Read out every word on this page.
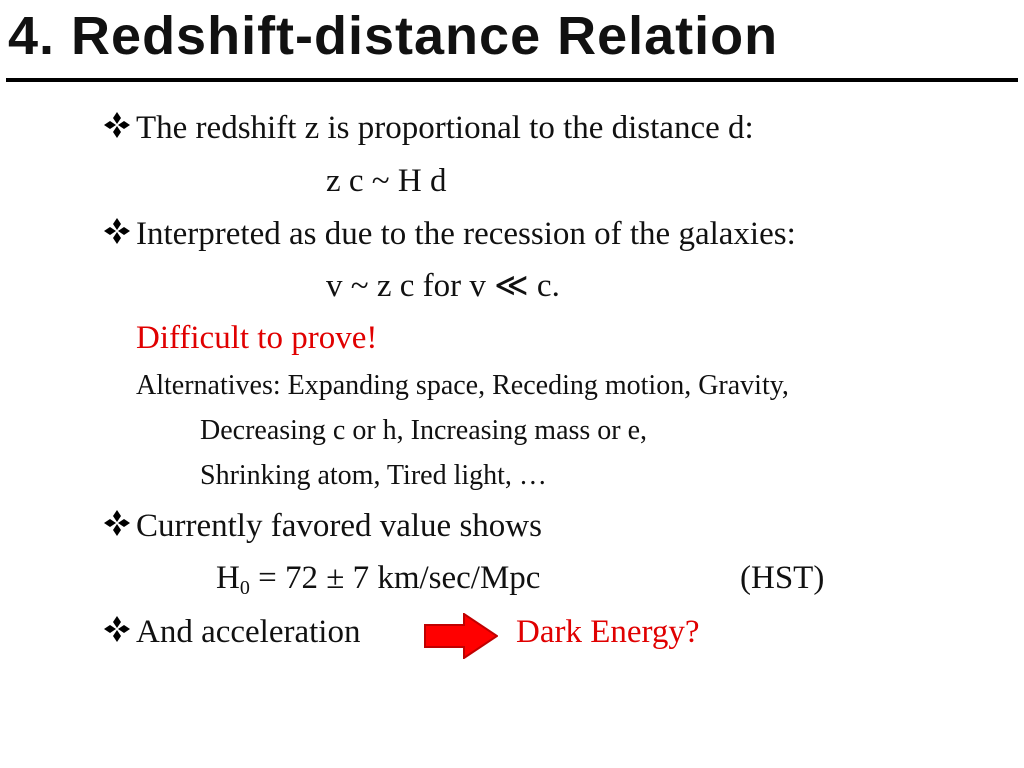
4. Redshift-distance Relation
The redshift z is proportional to the distance d:
z c ~ H d
Interpreted as due to the recession of the galaxies:
v ~ z c for v ≪ c.
Difficult to prove!
Alternatives: Expanding space, Receding motion, Gravity,
Decreasing c or h, Increasing mass or e,
Shrinking atom, Tired light, …
Currently favored value shows
$H_0 = 72 \pm 7$ km/sec/Mpc	(HST)
And acceleration	Dark Energy?
